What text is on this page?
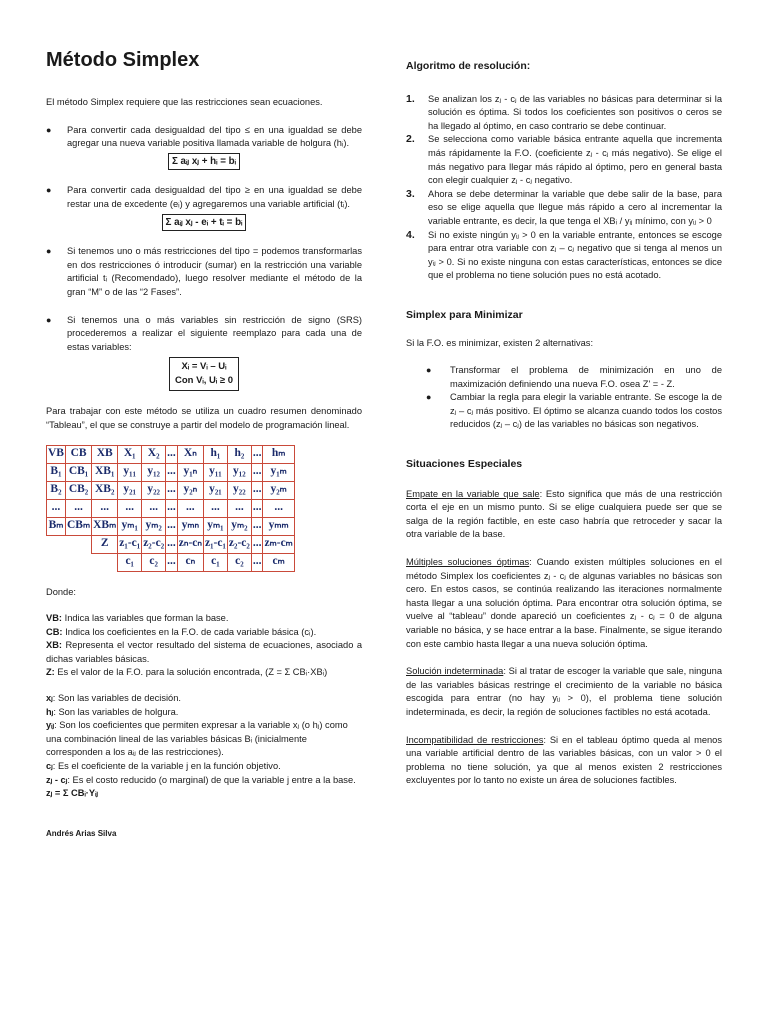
Método Simplex

El método Simplex requiere que las restricciones sean ecuaciones.

● Para convertir cada desigualdad del tipo ≤ en una igualdad se debe agregar una nueva variable positiva llamada variable de holgura (hᵢ).
Σ aᵢⱼ xⱼ + hᵢ = bᵢ
● Para convertir cada desigualdad del tipo ≥ en una igualdad se debe restar una de excedente (eᵢ) y agregaremos una variable artificial (tᵢ).
Σ aᵢⱼ xⱼ - eᵢ + tᵢ = bᵢ
● Si tenemos uno o más restricciones del tipo = podemos transformarlas en dos restricciones ó introducir (sumar) en la restricción una variable artificial tᵢ (Recomendado), luego resolver mediante el método de la gran “M” o de las “2 Fases”.
● Si tenemos una o más variables sin restricción de signo (SRS) procederemos a realizar el siguiente reemplazo para cada una de estas variables:
Xᵢ = Vᵢ – Uᵢ
Con Vᵢ, Uᵢ ≥ 0

Para trabajar con este método se utiliza un cuadro resumen denominado “Tableau”, el que se construye a partir del modelo de programación lineal.

VB	CB	XB	X₁	X₂	...	Xₙ	h₁	h₂	...	hₘ
B₁	CB₁	XB₁	y₁₁	y₁₂	...	y₁ₙ	y₁₁	y₁₂	...	y₁ₘ
B₂	CB₂	XB₂	y₂₁	y₂₂	...	y₂ₙ	y₂₁	y₂₂	...	y₂ₘ
...	...	...	...	...	...	...	...	...	...	...
Bₘ	CBₘ	XBₘ	yₘ₁	yₘ₂	...	yₘₙ	yₘ₁	yₘ₂	...	yₘₘ
		Z	z₁-c₁	z₂-c₂	...	zₙ-cₙ	z₁-c₁	z₂-c₂	...	zₘ-cₘ
			c₁	c₂	...	cₙ	c₁	c₂	...	cₘ

Donde:

VB: Indica las variables que forman la base.

CB: Indica los coeficientes en la F.O. de cada variable básica (cᵢ).

XB: Representa el vector resultado del sistema de ecuaciones, asociado a dichas variables básicas.

Z: Es el valor de la F.O. para la solución encontrada, (Z = Σ CBᵢ·XBᵢ)

xⱼ: Son las variables de decisión.

hⱼ: Son las variables de holgura.

yᵢⱼ: Son los coeficientes que permiten expresar a la variable xⱼ (o hⱼ) como una combinación lineal de las variables básicas Bᵢ (inicialmente corresponden a los aᵢⱼ de las restricciones).

cⱼ: Es el coeficiente de la variable j en la función objetivo.

zⱼ - cⱼ: Es el costo reducido (o marginal) de que la variable j entre a la base.

zⱼ = Σ CBᵢ·Yᵢⱼ

Andrés Arias Silva

Algoritmo de resolución:

1. Se analizan los zⱼ - cⱼ de las variables no básicas para determinar si la solución es óptima. Si todos los coeficientes son positivos o ceros se ha llegado al óptimo, en caso contrario se debe continuar.
2. Se selecciona como variable básica entrante aquella que incrementa más rápidamente la F.O. (coeficiente zⱼ - cⱼ más negativo). Se elige el más negativo para llegar más rápido al óptimo, pero en general basta con elegir cualquier zⱼ - cⱼ negativo.
3. Ahora se debe determinar la variable que debe salir de la base, para eso se elige aquella que llegue más rápido a cero al incrementar la variable entrante, es decir, la que tenga el XBᵢ / yᵢⱼ mínimo, con yᵢⱼ > 0
4. Si no existe ningún yᵢⱼ > 0 en la variable entrante, entonces se escoge para entrar otra variable con zⱼ – cⱼ negativo que si tenga al menos un yᵢⱼ > 0. Si no existe ninguna con estas características, entonces se dice que el problema no tiene solución pues no está acotado.

Simplex para Minimizar

Si la F.O. es minimizar, existen 2 alternativas:

● Transformar el problema de minimización en uno de maximización definiendo una nueva F.O. osea Z' = - Z.
● Cambiar la regla para elegir la variable entrante. Se escoge la de zⱼ – cⱼ más positivo. El óptimo se alcanza cuando todos los costos reducidos (zⱼ – cⱼ) de las variables no básicas son negativos.

Situaciones Especiales

Empate en la variable que sale: Esto significa que más de una restricción corta el eje en un mismo punto. Si se elige cualquiera puede ser que se salga de la región factible, en este caso habría que retroceder y sacar la otra variable de la base.

Múltiples soluciones óptimas: Cuando existen múltiples soluciones en el método Simplex los coeficientes zⱼ - cⱼ de algunas variables no básicas son cero. En estos casos, se continúa realizando las iteraciones normalmente hasta llegar a una solución óptima. Para encontrar otra solución óptima, se vuelve al “tableau” donde apareció un coeficientes zⱼ - cⱼ = 0 de alguna variable no básica, y se hace entrar a la base. Finalmente, se sigue iterando con este cambio hasta llegar a una nueva solución óptima.

Solución indeterminada: Si al tratar de escoger la variable que sale, ninguna de las variables básicas restringe el crecimiento de la variable no básica escogida para entrar (no hay yᵢⱼ > 0), el problema tiene solución indeterminada, es decir, la región de soluciones factibles no está acotada.

Incompatibilidad de restricciones: Si en el tableau óptimo queda al menos una variable artificial dentro de las variables básicas, con un valor > 0 el problema no tiene solución, ya que al menos existen 2 restricciones excluyentes por lo tanto no existe un área de soluciones factibles.
